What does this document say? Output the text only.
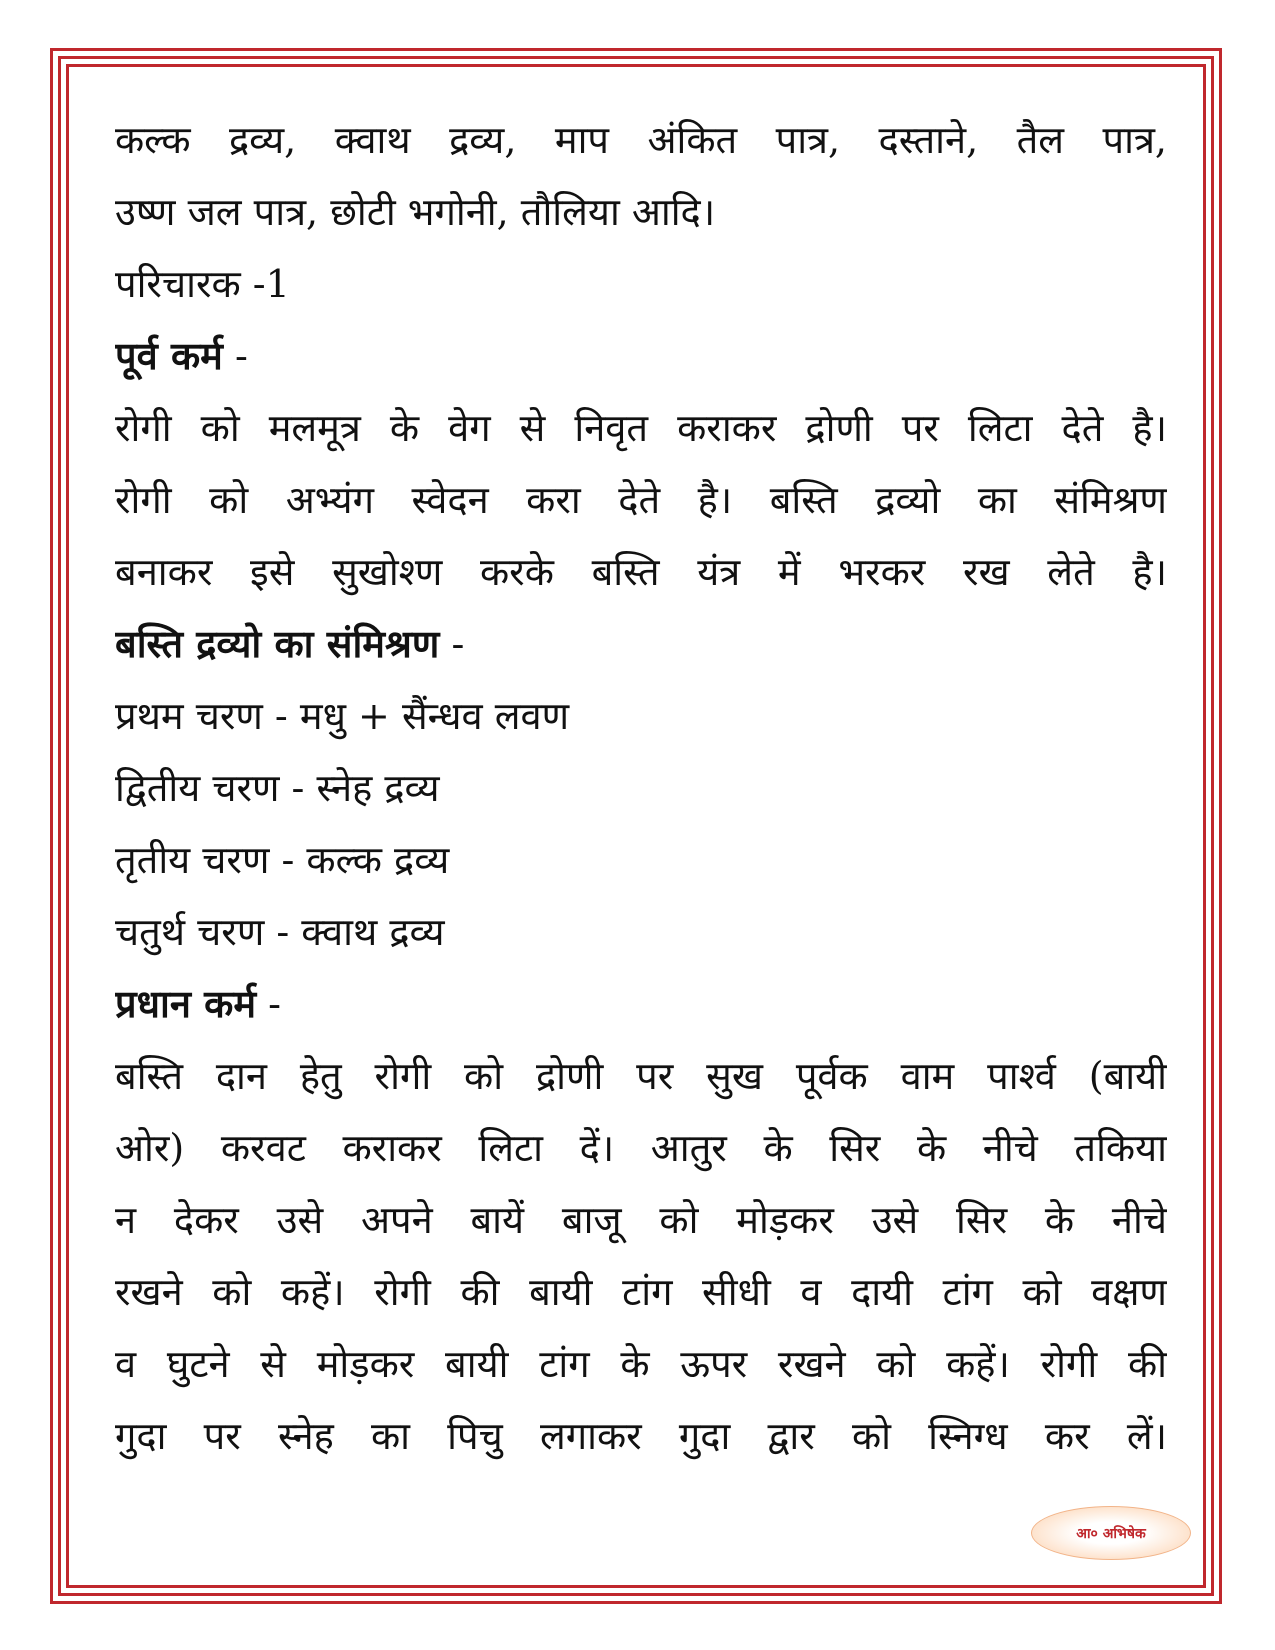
कल्क द्रव्य, क्वाथ द्रव्य, माप अंकित पात्र, दस्ताने, तैल पात्र,
उष्ण जल पात्र, छोटी भगोनी, तौलिया आदि।
परिचारक -1
पूर्व कर्म -
रोगी को मलमूत्र के वेग से निवृत कराकर द्रोणी पर लिटा देते है।
रोगी को अभ्यंग स्वेदन करा देते है। बस्ति द्रव्यो का संमिश्रण
बनाकर इसे सुखोश्ण करके बस्ति यंत्र में भरकर रख लेते है।
बस्ति द्रव्यो का संमिश्रण -
प्रथम चरण - मधु + सैंन्धव लवण
द्वितीय चरण - स्नेह द्रव्य
तृतीय चरण - कल्क द्रव्य
चतुर्थ चरण - क्वाथ द्रव्य
प्रधान कर्म -
बस्ति दान हेतु रोगी को द्रोणी पर सुख पूर्वक वाम पार्श्व (बायी
ओर) करवट कराकर लिटा दें। आतुर के सिर के नीचे तकिया
न देकर उसे अपने बायें बाजू को मोड़कर उसे सिर के नीचे
रखने को कहें। रोगी की बायी टांग सीधी व दायी टांग को वक्षण
व घुटने से मोड़कर बायी टांग के ऊपर रखने को कहें। रोगी की
गुदा पर स्नेह का पिचु लगाकर गुदा द्वार को स्निग्ध कर लें।
आ० अभिषेक
